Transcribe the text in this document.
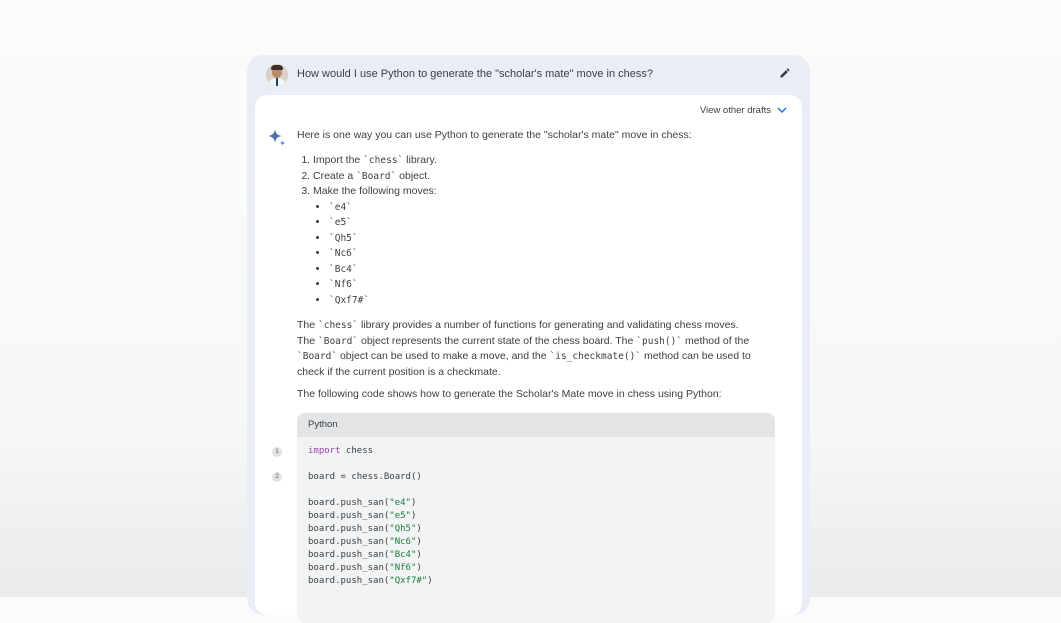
How would I use Python to generate the "scholar's mate" move in chess?
View other drafts
Here is one way you can use Python to generate the "scholar's mate" move in chess:
1. Import the `chess` library.
2. Create a `Board` object.
3. Make the following moves:
• `e4`
• `e5`
• `Qh5`
• `Nc6`
• `Bc4`
• `Nf6`
• `Qxf7#`
The `chess` library provides a number of functions for generating and validating chess moves.
The `Board` object represents the current state of the chess board. The `push()` method of the
`Board` object can be used to make a move, and the `is_checkmate()` method can be used to
check if the current position is a checkmate.
The following code shows how to generate the Scholar's Mate move in chess using Python:
1
2
Python
import chess

board = chess.Board()

board.push_san("e4")
board.push_san("e5")
board.push_san("Qh5")
board.push_san("Nc6")
board.push_san("Bc4")
board.push_san("Nf6")
board.push_san("Qxf7#")
